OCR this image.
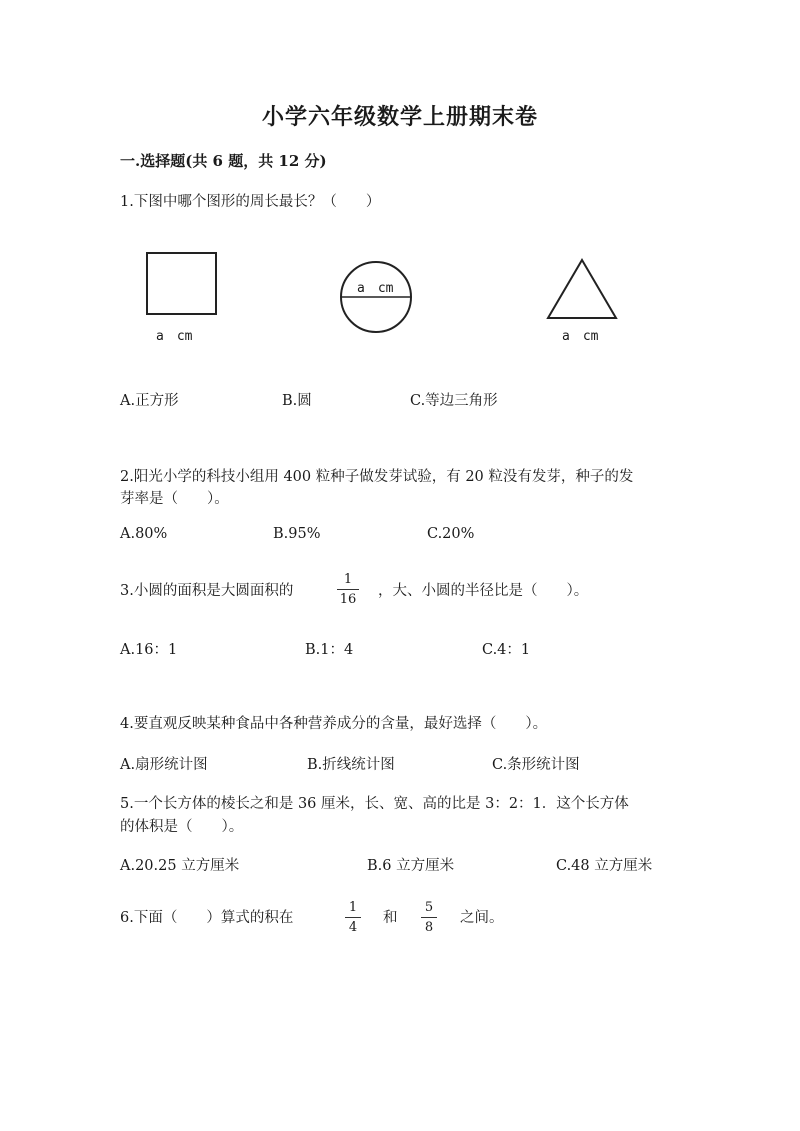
小学六年级数学上册期末卷
一.选择题(共 6 题，共 12 分)
1.下图中哪个图形的周长最长？（　　）
a　cm
a　cm
a　cm
A.正方形	B.圆	C.等边三角形
2.阳光小学的科技小组用 400 粒种子做发芽试验，有 20 粒没有发芽，种子的发
芽率是（　　）。
A.80%	B.95%	C.20%
3.小圆的面积是大圆面积的
1
16
，大、小圆的半径比是（　　）。
A.16：1	B.1：4	C.4：1
4.要直观反映某种食品中各种营养成分的含量，最好选择（　　）。
A.扇形统计图	B.折线统计图	C.条形统计图
5.一个长方体的棱长之和是 36 厘米，长、宽、高的比是 3：2：1．这个长方体
的体积是（　　）。
A.20.25 立方厘米	B.6 立方厘米	C.48 立方厘米
6.下面（　　）算式的积在
1
4
和
5
8
之间。
